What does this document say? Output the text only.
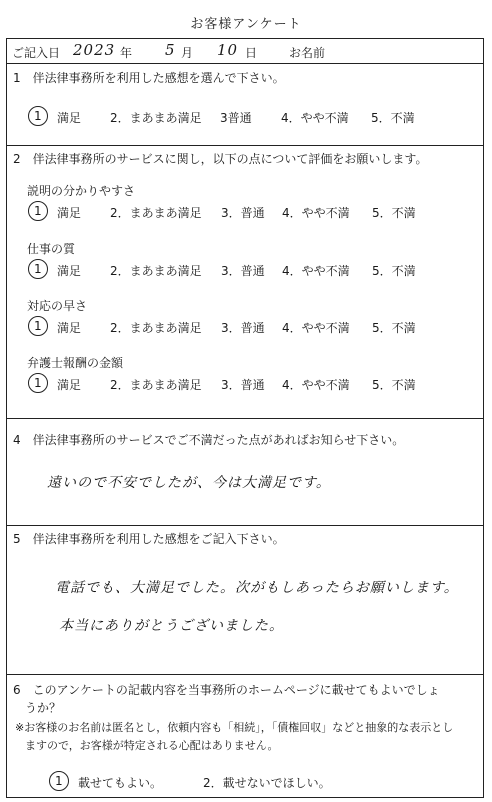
お客様アンケート
ご記入日 2023 年 5 月 10 日	お名前
1　伴法律事務所を利用した感想を選んで下さい。
1 満足 2．まあまあ満足 3普通 4．やや不満 5．不満
2　伴法律事務所のサービスに関し，以下の点について評価をお願いします。
説明の分かりやすさ
1 満足 2．まあまあ満足 3．普通 4．やや不満 5．不満
仕事の質
1 満足 2．まあまあ満足 3．普通 4．やや不満 5．不満
対応の早さ
1 満足 2．まあまあ満足 3．普通 4．やや不満 5．不満
弁護士報酬の金額
1 満足 2．まあまあ満足 3．普通 4．やや不満 5．不満
4　伴法律事務所のサービスでご不満だった点があればお知らせ下さい。
遠いので不安でしたが、今は大満足です。
5　伴法律事務所を利用した感想をご記入下さい。
電話でも、大満足でした。次がもしあったらお願いします。
本当にありがとうございました。
6　このアンケートの記載内容を当事務所のホームページに載せてもよいでしょ
うか？
※お客様のお名前は匿名とし，依頼内容も「相続」，「債権回収」などと抽象的な表示とし
ますので，お客様が特定される心配はありません。
1 載せてもよい。	2．載せないでほしい。
